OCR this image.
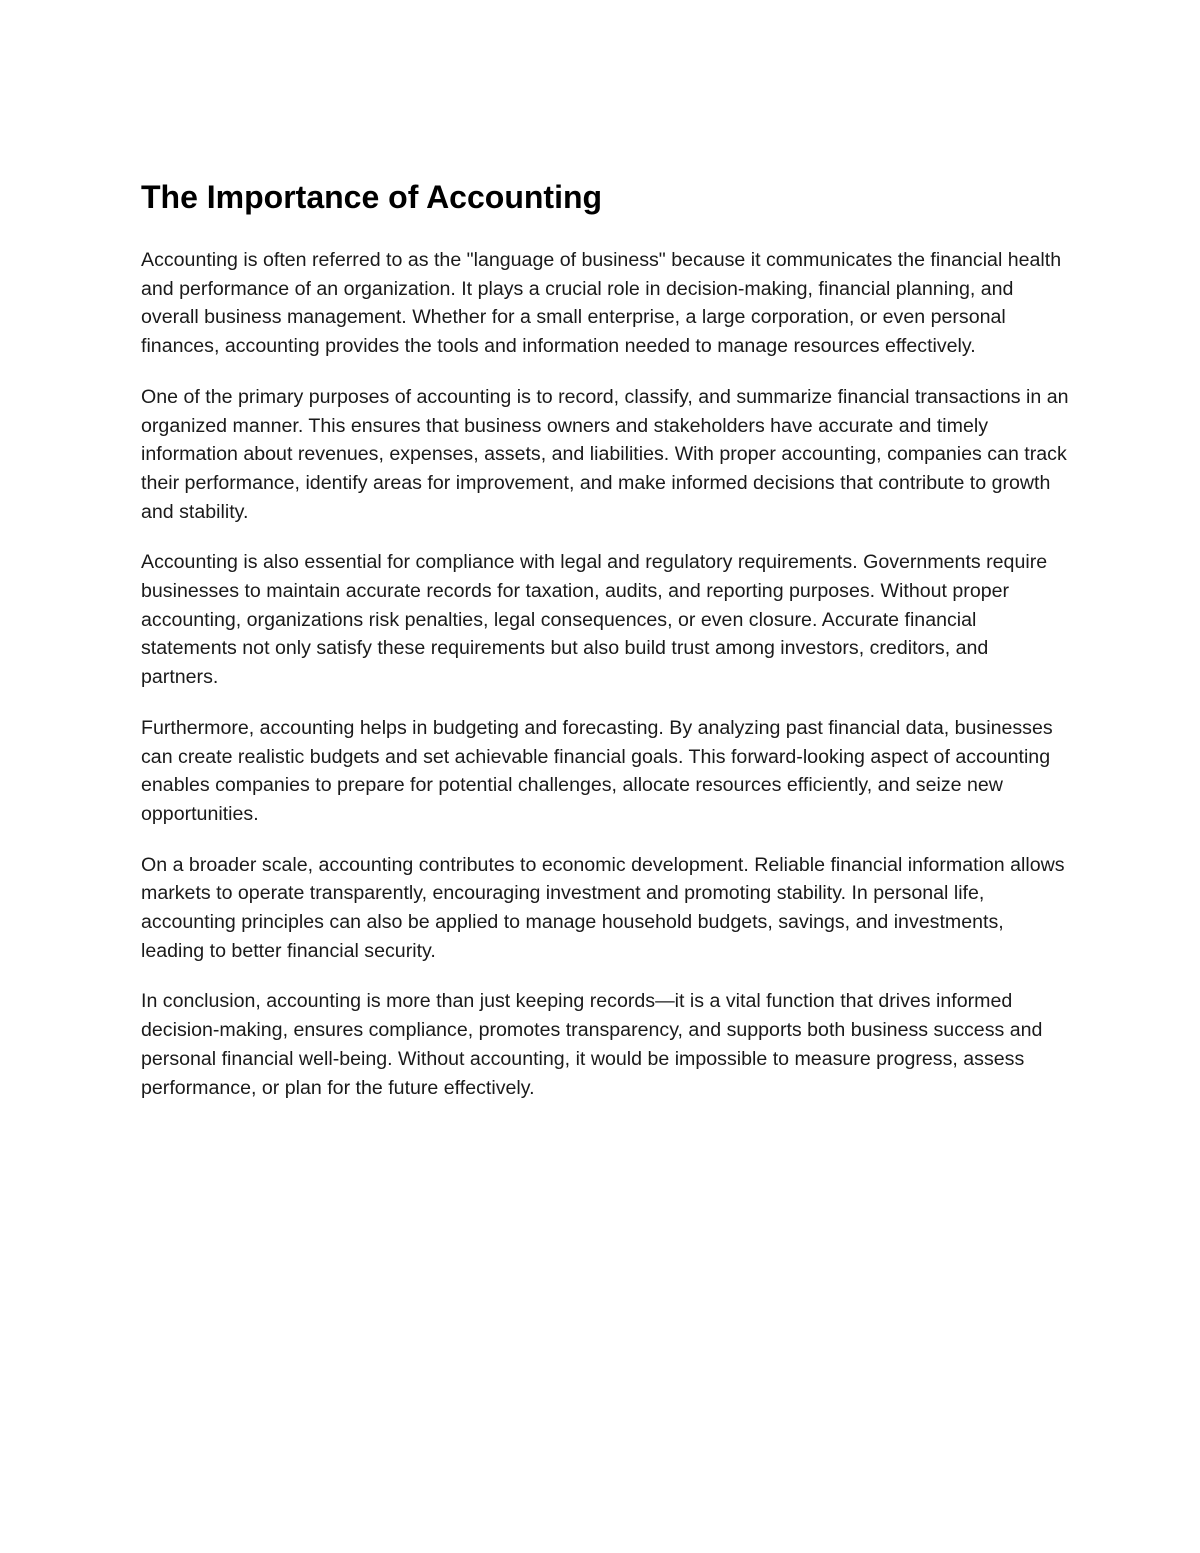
The Importance of Accounting

Accounting is often referred to as the "language of business" because it communicates the financial health and performance of an organization. It plays a crucial role in decision-making, financial planning, and overall business management. Whether for a small enterprise, a large corporation, or even personal finances, accounting provides the tools and information needed to manage resources effectively.

One of the primary purposes of accounting is to record, classify, and summarize financial transactions in an organized manner. This ensures that business owners and stakeholders have accurate and timely information about revenues, expenses, assets, and liabilities. With proper accounting, companies can track their performance, identify areas for improvement, and make informed decisions that contribute to growth and stability.

Accounting is also essential for compliance with legal and regulatory requirements. Governments require businesses to maintain accurate records for taxation, audits, and reporting purposes. Without proper accounting, organizations risk penalties, legal consequences, or even closure. Accurate financial statements not only satisfy these requirements but also build trust among investors, creditors, and partners.

Furthermore, accounting helps in budgeting and forecasting. By analyzing past financial data, businesses can create realistic budgets and set achievable financial goals. This forward-looking aspect of accounting enables companies to prepare for potential challenges, allocate resources efficiently, and seize new opportunities.

On a broader scale, accounting contributes to economic development. Reliable financial information allows markets to operate transparently, encouraging investment and promoting stability. In personal life, accounting principles can also be applied to manage household budgets, savings, and investments, leading to better financial security.

In conclusion, accounting is more than just keeping records—it is a vital function that drives informed decision-making, ensures compliance, promotes transparency, and supports both business success and personal financial well-being. Without accounting, it would be impossible to measure progress, assess performance, or plan for the future effectively.
